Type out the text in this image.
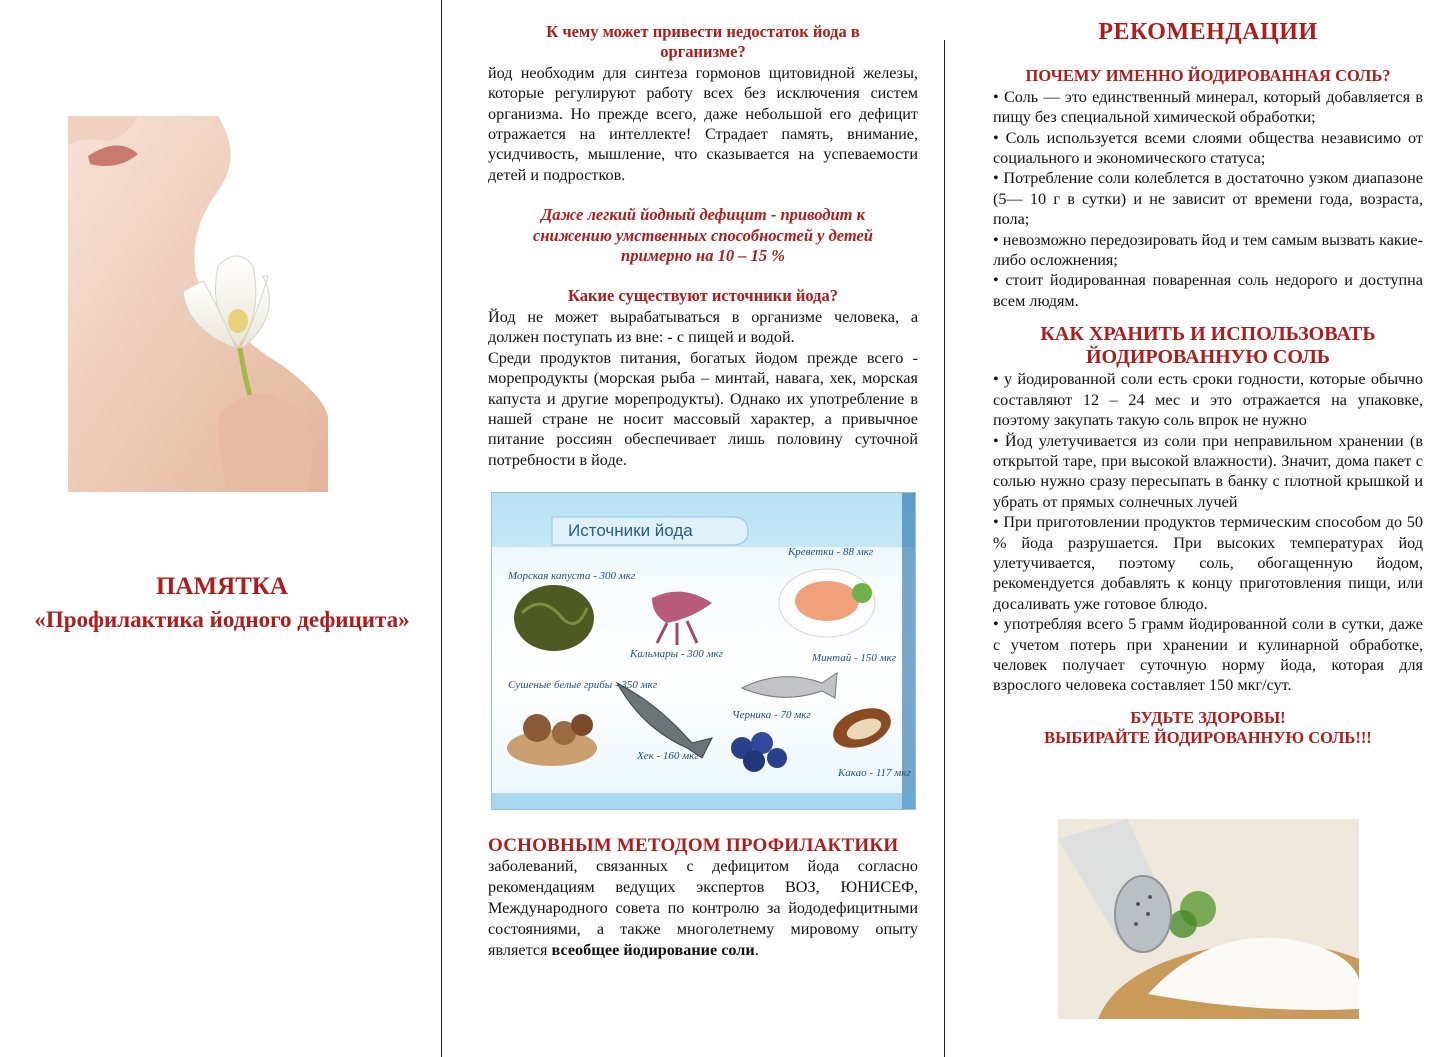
ПАМЯТКА
«Профилактика йодного дефицита»
К чему может привести недостаток йода в организме?

йод необходим для синтеза гормонов щитовидной железы, которые регулируют работу всех без исключения систем организма. Но прежде всего, даже небольшой его дефицит отражается на интеллекте! Страдает память, внимание, усидчивость, мышление, что сказывается на успеваемости детей и подростков.

Даже легкий йодный дефицит - приводит к снижению умственных способностей у детей примерно на 10 – 15 %
Какие существуют источники йода?

Йод не может вырабатываться в организме человека, а должен поступать из вне: - с пищей и водой.

Среди продуктов питания, богатых йодом прежде всего - морепродукты (морская рыба – минтай, навага, хек, морская капуста и другие морепродукты). Однако их употребление в нашей стране не носит массовый характер, а привычное питание россиян обеспечивает лишь половину суточной потребности в йоде.

Источники йода
Морская капуста - 300 мкг
Кальмары - 300 мкг
Креветки - 88 мкг
Минтай - 150 мкг
Сушеные белые грибы - 350 мкг
Хек - 160 мкг
Черника - 70 мкг
Какао - 117 мкг
ОСНОВНЫМ МЕТОДОМ ПРОФИЛАКТИКИ

заболеваний, связанных с дефицитом йода согласно рекомендациям ведущих экспертов ВОЗ, ЮНИСЕФ, Международного совета по контролю за йододефицитными состояниями, а также многолетнему мировому опыту является всеобщее йодирование соли.

РЕКОМЕНДАЦИИ
ПОЧЕМУ ИМЕННО ЙОДИРОВАННАЯ СОЛЬ?

• Соль — это единственный минерал, который добавляется в пищу без специальной химической обработки;

• Соль используется всеми слоями общества независимо от социального и экономического статуса;

• Потребление соли колеблется в достаточно узком диапазоне (5— 10 г в сутки) и не зависит от времени года, возраста, пола;

• невозможно передозировать йод и тем самым вызвать какие-либо осложнения;

• стоит йодированная поваренная соль недорого и доступна всем людям.

КАК ХРАНИТЬ И ИСПОЛЬЗОВАТЬ ЙОДИРОВАННУЮ СОЛЬ

• у йодированной соли есть сроки годности, которые обычно составляют 12 – 24 мес и это отражается на упаковке, поэтому закупать такую соль впрок не нужно

• Йод улетучивается из соли при неправильном хранении (в открытой таре, при высокой влажности). Значит, дома пакет с солью нужно сразу пересыпать в банку с плотной крышкой и убрать от прямых солнечных лучей

• При приготовлении продуктов термическим способом до 50 % йода разрушается. При высоких температурах йод улетучивается, поэтому соль, обогащенную йодом, рекомендуется добавлять к концу приготовления пищи, или досаливать уже готовое блюдо.

• употребляя всего 5 грамм йодированной соли в сутки, даже с учетом потерь при хранении и кулинарной обработке, человек получает суточную норму йода, которая для взрослого человека составляет 150 мкг/сут.

БУДЬТЕ ЗДОРОВЫ!
ВЫБИРАЙТЕ ЙОДИРОВАННУЮ СОЛЬ!!!
